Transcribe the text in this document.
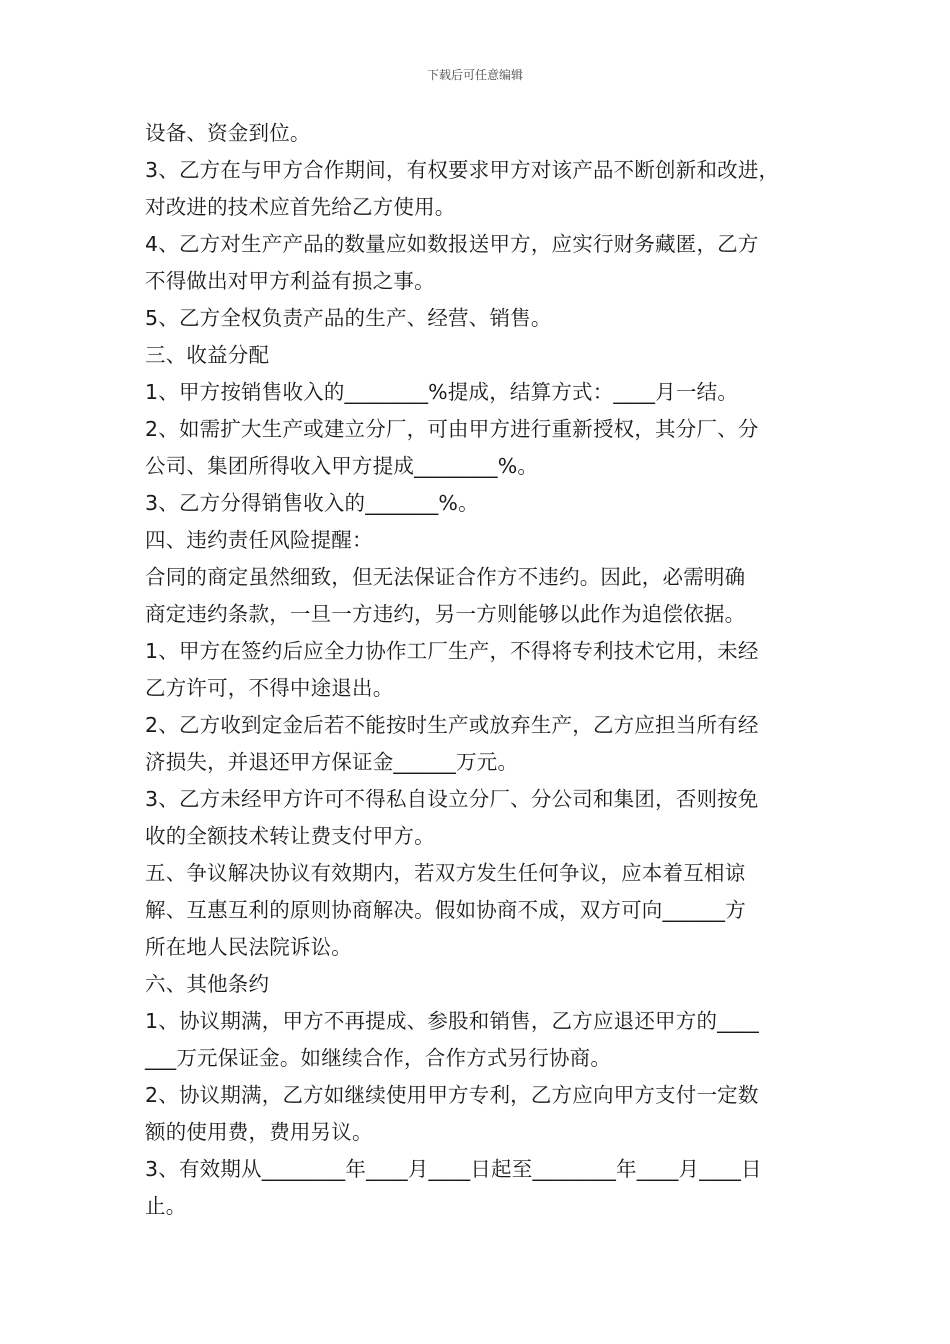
下载后可任意编辑
设备、资金到位。
3、乙方在与甲方合作期间，有权要求甲方对该产品不断创新和改进，
对改进的技术应首先给乙方使用。
4、乙方对生产产品的数量应如数报送甲方，应实行财务藏匿，乙方
不得做出对甲方利益有损之事。
5、乙方全权负责产品的生产、经营、销售。
三、收益分配
1、甲方按销售收入的________%提成，结算方式：____月一结。
2、如需扩大生产或建立分厂，可由甲方进行重新授权，其分厂、分
公司、集团所得收入甲方提成________%。
3、乙方分得销售收入的_______%。
四、违约责任风险提醒：
合同的商定虽然细致，但无法保证合作方不违约。因此，必需明确
商定违约条款，一旦一方违约，另一方则能够以此作为追偿依据。
1、甲方在签约后应全力协作工厂生产，不得将专利技术它用，未经
乙方许可，不得中途退出。
2、乙方收到定金后若不能按时生产或放弃生产，乙方应担当所有经
济损失，并退还甲方保证金______万元。
3、乙方未经甲方许可不得私自设立分厂、分公司和集团，否则按免
收的全额技术转让费支付甲方。
五、争议解决协议有效期内，若双方发生任何争议，应本着互相谅
解、互惠互利的原则协商解决。假如协商不成，双方可向______方
所在地人民法院诉讼。
六、其他条约
1、协议期满，甲方不再提成、参股和销售，乙方应退还甲方的____
___万元保证金。如继续合作，合作方式另行协商。
2、协议期满，乙方如继续使用甲方专利，乙方应向甲方支付一定数
额的使用费，费用另议。
3、有效期从________年____月____日起至________年____月____日
止。
